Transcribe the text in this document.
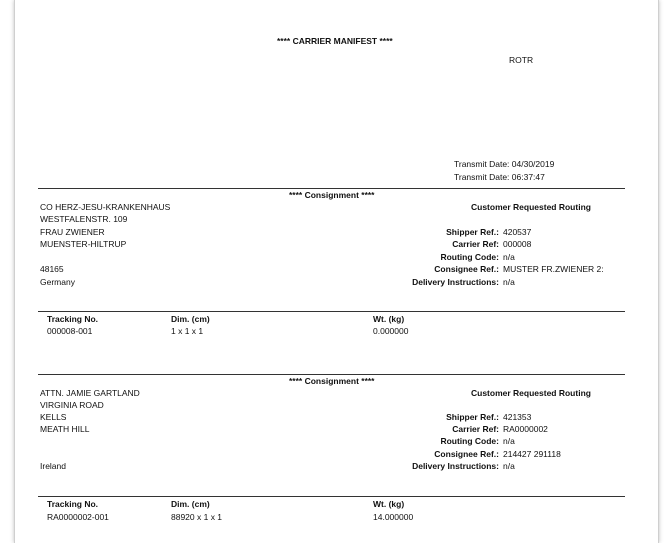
**** CARRIER MANIFEST ****
ROTR
Transmit Date: 04/30/2019
Transmit Date: 06:37:47
**** Consignment ****
CO HERZ-JESU-KRANKENHAUS
WESTFALENSTR. 109
FRAU ZWIENER
MUENSTER-HILTRUP
48165
Germany
Customer Requested Routing
Shipper Ref.: 420537
Carrier Ref: 000008
Routing Code: n/a
Consignee Ref.: MUSTER FR.ZWIENER 2:
Delivery Instructions: n/a
Tracking No.	Dim. (cm)	Wt. (kg)
000008-001	1 x 1 x 1	0.000000
**** Consignment ****
ATTN. JAMIE GARTLAND
VIRGINIA ROAD
KELLS
MEATH HILL
Ireland
Customer Requested Routing
Shipper Ref.: 421353
Carrier Ref: RA0000002
Routing Code: n/a
Consignee Ref.: 214427 291118
Delivery Instructions: n/a
Tracking No.	Dim. (cm)	Wt. (kg)
RA0000002-001	88920 x 1 x 1	14.000000
